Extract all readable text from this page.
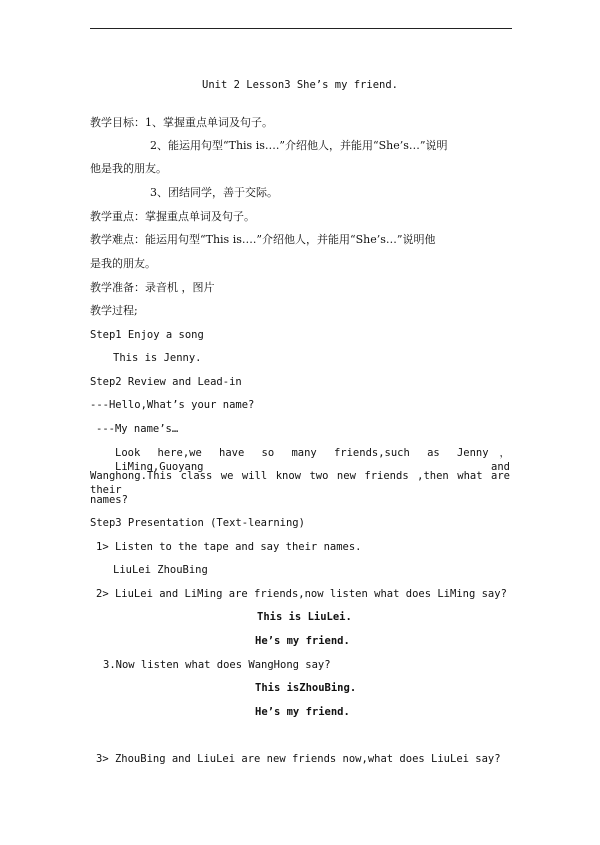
Unit 2 Lesson3 She’s my friend.
教学目标：1、掌握重点单词及句子。
2、能运用句型“This is….”介绍他人，并能用“She’s…”说明
他是我的朋友。
3、团结同学，善于交际。
教学重点：掌握重点单词及句子。
教学难点：能运用句型“This is….”介绍他人，并能用“She’s…”说明他
是我的朋友。
教学准备：录音机 ，图片
教学过程;
Step1 Enjoy a song
This is Jenny.
Step2 Review and Lead-in
---Hello,What’s your name?
---My name’s…
Look here,we have so many friends,such as Jenny，LiMing,Guoyang and
Wanghong.This class we will know two new friends ,then what are their
names?
Step3 Presentation (Text-learning)
1> Listen to the tape and say their names.
LiuLei ZhouBing
2> LiuLei and LiMing are friends,now listen what does LiMing say?
This is LiuLei.
He’s my friend.
3.Now listen what does WangHong say?
This isZhouBing.
He’s my friend.
3> ZhouBing and LiuLei are new friends now,what does LiuLei say?
